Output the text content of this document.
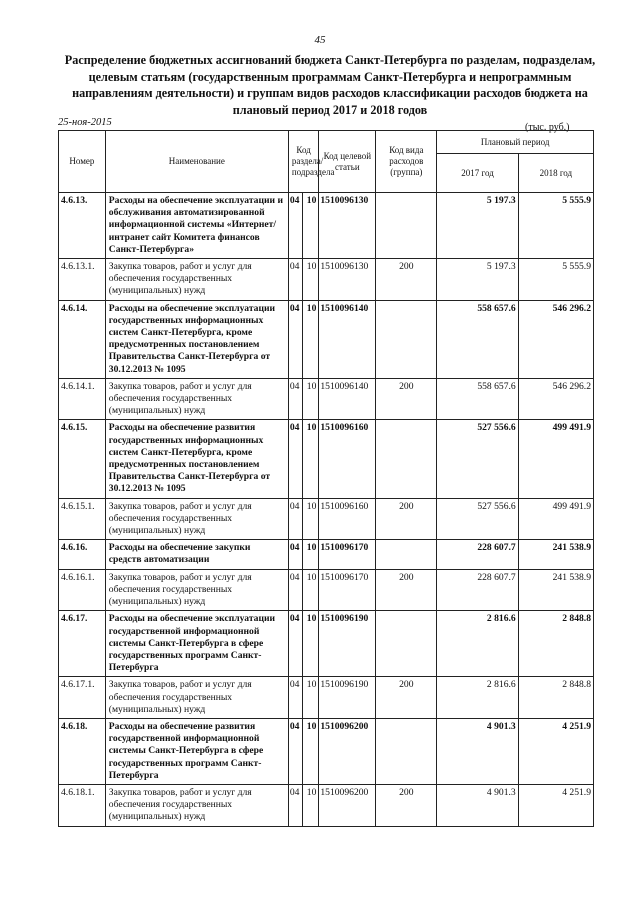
45
Распределение бюджетных ассигнований бюджета Санкт-Петербурга по разделам, подразделам, целевым статьям (государственным программам Санкт-Петербурга и непрограммным направлениям деятельности) и группам видов расходов классификации расходов бюджета на плановый период 2017 и 2018 годов
25-ноя-2015	(тыс. руб.)
Номер	Наименование	Код раздела/ подраздела		Код целевой статьи	Код вида расходов (группа)	Плановый период	
						2017 год	2018 год
4.6.13.	Расходы на обеспечение эксплуатации и обслуживания автоматизированной информационной системы «Интернет/интранет сайт Комитета финансов Санкт-Петербурга»	04	10	1510096130		5 197.3	5 555.9
4.6.13.1.	Закупка товаров, работ и услуг для обеспечения государственных (муниципальных) нужд	04	10	1510096130	200	5 197.3	5 555.9
4.6.14.	Расходы на обеспечение эксплуатации государственных информационных систем Санкт-Петербурга, кроме предусмотренных постановлением Правительства Санкт-Петербурга от 30.12.2013 № 1095	04	10	1510096140		558 657.6	546 296.2
4.6.14.1.	Закупка товаров, работ и услуг для обеспечения государственных (муниципальных) нужд	04	10	1510096140	200	558 657.6	546 296.2
4.6.15.	Расходы на обеспечение развития государственных информационных систем Санкт-Петербурга, кроме предусмотренных постановлением Правительства Санкт-Петербурга от 30.12.2013 № 1095	04	10	1510096160		527 556.6	499 491.9
4.6.15.1.	Закупка товаров, работ и услуг для обеспечения государственных (муниципальных) нужд	04	10	1510096160	200	527 556.6	499 491.9
4.6.16.	Расходы на обеспечение закупки средств автоматизации	04	10	1510096170		228 607.7	241 538.9
4.6.16.1.	Закупка товаров, работ и услуг для обеспечения государственных (муниципальных) нужд	04	10	1510096170	200	228 607.7	241 538.9
4.6.17.	Расходы на обеспечение эксплуатации государственной информационной системы Санкт-Петербурга в сфере государственных программ Санкт-Петербурга	04	10	1510096190		2 816.6	2 848.8
4.6.17.1.	Закупка товаров, работ и услуг для обеспечения государственных (муниципальных) нужд	04	10	1510096190	200	2 816.6	2 848.8
4.6.18.	Расходы на обеспечение развития государственной информационной системы Санкт-Петербурга в сфере государственных программ Санкт-Петербурга	04	10	1510096200		4 901.3	4 251.9
4.6.18.1.	Закупка товаров, работ и услуг для обеспечения государственных (муниципальных) нужд	04	10	1510096200	200	4 901.3	4 251.9
